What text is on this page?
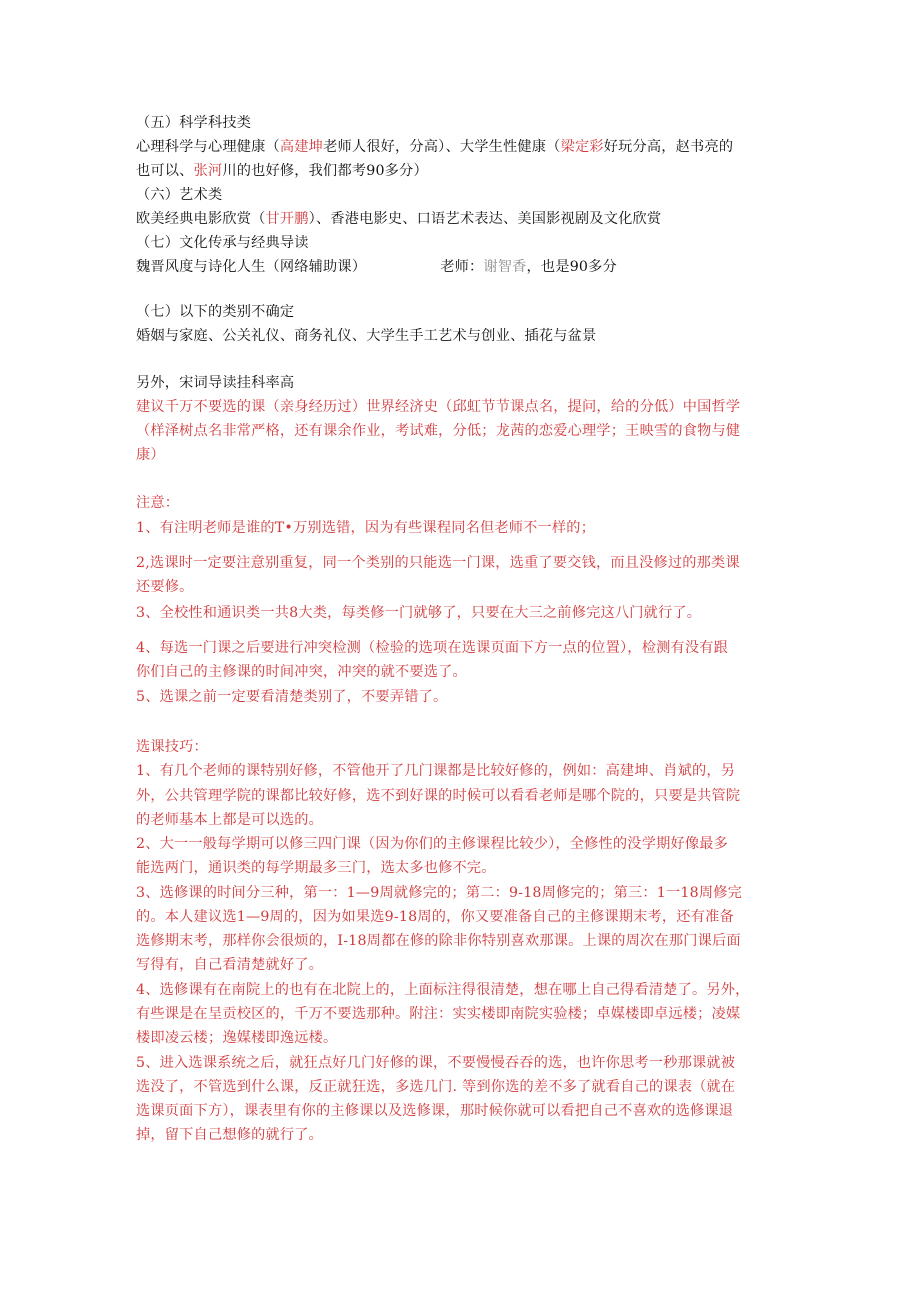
（五）科学科技类

心理科学与心理健康（高建坤老师人很好，分高）、大学生性健康（梁定彩好玩分高，赵书亮的

也可以、张河川的也好修，我们都考90多分）

（六）艺术类

欧美经典电影欣赏（甘开鹏）、香港电影史、口语艺术表达、美国影视剧及文化欣赏

（七）文化传承与经典导读

魏晋风度与诗化人生（网络辅助课）	老师：谢智香，也是90多分

（七）以下的类别不确定

婚姻与家庭、公关礼仪、商务礼仪、大学生手工艺术与创业、插花与盆景

另外，宋词导读挂科率高

建议千万不要选的课（亲身经历过）世界经济史（邱虹节节课点名，提问，给的分低）中国哲学

（样泽树点名非常严格，还有课余作业，考试难，分低；龙茜的恋爱心理学；王映雪的食物与健

康）

注意：

1、有注明老师是谁的T•万别选错，因为有些课程同名但老师不一样的；

2,选课时一定要注意别重复，同一个类别的只能选一门课，选重了要交钱，而且没修过的那类课

还要修。

3、全校性和通识类一共8大类，每类修一门就够了，只要在大三之前修完这八门就行了。

4、每选一门课之后要进行冲突检测（检验的选项在选课页面下方一点的位置），检测有没有跟

你们自己的主修课的时间冲突，冲突的就不要选了。

5、选课之前一定要看清楚类别了，不要弄错了。

选课技巧：

1、有几个老师的课特别好修，不管他开了几门课都是比较好修的，例如：高建坤、肖斌的，另

外，公共管理学院的课都比较好修，选不到好课的时候可以看看老师是哪个院的，只要是共管院

的老师基本上都是可以选的。

2、大一一般每学期可以修三四门课（因为你们的主修课程比较少），全修性的没学期好像最多

能选两门，通识类的每学期最多三门，选太多也修不完。

3、选修课的时间分三种，第一：1—9周就修完的；第二：9-18周修完的；第三：1一18周修完

的。本人建议选1—9周的，因为如果选9-18周的，你又要准备自己的主修课期末考，还有准备

选修期末考，那样你会很烦的，I-18周都在修的除非你特别喜欢那课。上课的周次在那门课后面

写得有，自己看清楚就好了。

4、选修课有在南院上的也有在北院上的，上面标注得很清楚，想在哪上自己得看清楚了。另外，

有些课是在呈贡校区的，千万不要选那种。附注：实实楼即南院实验楼；卓媒楼即卓远楼；凌媒

楼即凌云楼；逸媒楼即逸远楼。

5、进入选课系统之后，就狂点好几门好修的课，不要慢慢吞吞的选，也许你思考一秒那课就被

选没了，不管选到什么课，反正就狂选，多选几门. 等到你选的差不多了就看自己的课表（就在

选课页面下方），课表里有你的主修课以及选修课，那时候你就可以看把自己不喜欢的选修课退

掉，留下自己想修的就行了。
